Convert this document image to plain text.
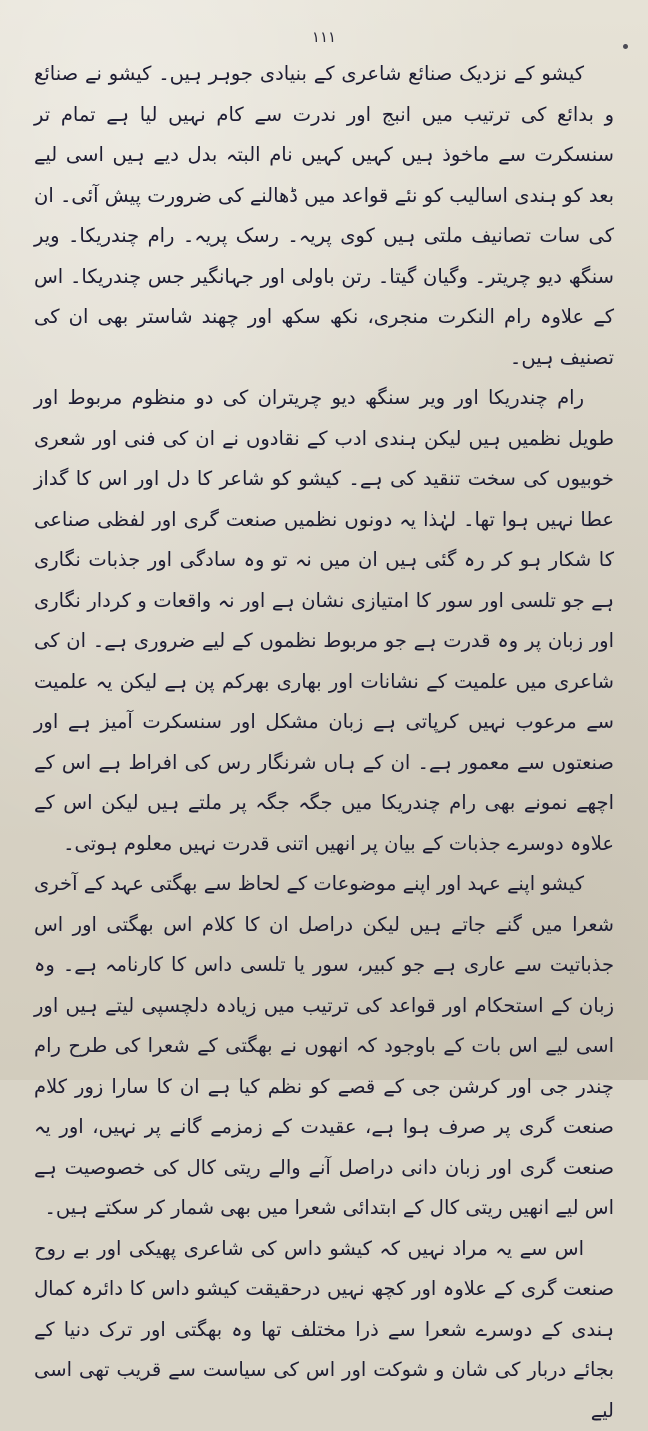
۱۱۱

کیشو کے نزدیک صنائع شاعری کے بنیادی جوہر ہیں۔ کیشو نے صنائع و بدائع کی ترتیب میں انبج اور ندرت سے کام نہیں لیا ہے تمام تر سنسکرت سے ماخوذ ہیں کہیں کہیں نام البتہ بدل دیے ہیں اسی لیے بعد کو ہندی اسالیب کو نئے قواعد میں ڈھالنے کی ضرورت پیش آئی۔ ان کی سات تصانیف ملتی ہیں کوی پریہ۔ رسک پریہ۔ رام چندریکا۔ ویر سنگھ دیو چریتر۔ وگیان گیتا۔ رتن باولی اور جہانگیر جس چندریکا۔ اس کے علاوہ رام النکرت منجری، نکھ سکھ اور چھند شاستر بھی ان کی تصنیف ہیں۔

رام چندریکا اور ویر سنگھ دیو چریتران کی دو منظوم مربوط اور طویل نظمیں ہیں لیکن ہندی ادب کے نقادوں نے ان کی فنی اور شعری خوبیوں کی سخت تنقید کی ہے۔ کیشو کو شاعر کا دل اور اس کا گداز عطا نہیں ہوا تھا۔ لہٰذا یہ دونوں نظمیں صنعت گری اور لفظی صناعی کا شکار ہو کر رہ گئی ہیں ان میں نہ تو وہ سادگی اور جذبات نگاری ہے جو تلسی اور سور کا امتیازی نشان ہے اور نہ واقعات و کردار نگاری اور زبان پر وہ قدرت ہے جو مربوط نظموں کے لیے ضروری ہے۔ ان کی شاعری میں علمیت کے نشانات اور بھاری بھرکم پن ہے لیکن یہ علمیت سے مرعوب نہیں کرپاتی ہے زبان مشکل اور سنسکرت آمیز ہے اور صنعتوں سے معمور ہے۔ ان کے ہاں شرنگار رس کی افراط ہے اس کے اچھے نمونے بھی رام چندریکا میں جگہ جگہ پر ملتے ہیں لیکن اس کے علاوہ دوسرے جذبات کے بیان پر انھیں اتنی قدرت نہیں معلوم ہوتی۔

کیشو اپنے عہد اور اپنے موضوعات کے لحاظ سے بھگتی عہد کے آخری شعرا میں گنے جاتے ہیں لیکن دراصل ان کا کلام اس بھگتی اور اس جذباتیت سے عاری ہے جو کبیر، سور یا تلسی داس کا کارنامہ ہے۔ وہ زبان کے استحکام اور قواعد کی ترتیب میں زیادہ دلچسپی لیتے ہیں اور اسی لیے اس بات کے باوجود کہ انھوں نے بھگتی کے شعرا کی طرح رام چندر جی اور کرشن جی کے قصے کو نظم کیا ہے ان کا سارا زور کلام صنعت گری پر صرف ہوا ہے، عقیدت کے زمزمے گانے پر نہیں، اور یہ صنعت گری اور زبان دانی دراصل آنے والے ریتی کال کی خصوصیت ہے اس لیے انھیں ریتی کال کے ابتدائی شعرا میں بھی شمار کر سکتے ہیں۔

اس سے یہ مراد نہیں کہ کیشو داس کی شاعری پھیکی اور بے روح صنعت گری کے علاوہ اور کچھ نہیں درحقیقت کیشو داس کا دائرہ کمال ہندی کے دوسرے شعرا سے ذرا مختلف تھا وہ بھگتی اور ترک دنیا کے بجائے دربار کی شان و شوکت اور اس کی سیاست سے قریب تھی اسی لیے
